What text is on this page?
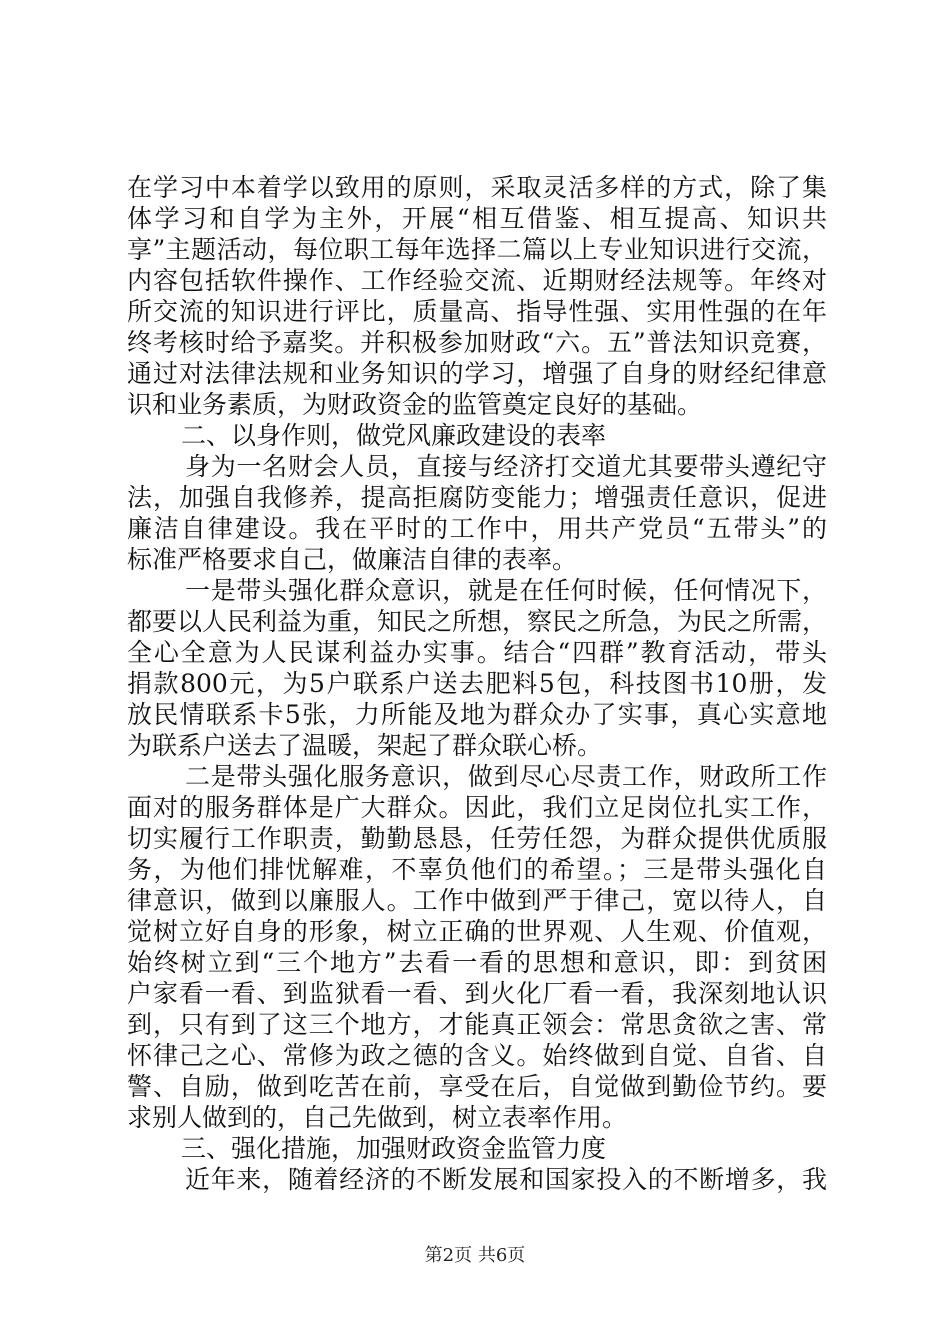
在学习中本着学以致用的原则，采取灵活多样的方式，除了集
体学习和自学为主外，开展“相互借鉴、相互提高、知识共
享”主题活动，每位职工每年选择二篇以上专业知识进行交流，
内容包括软件操作、工作经验交流、近期财经法规等。年终对
所交流的知识进行评比，质量高、指导性强、实用性强的在年
终考核时给予嘉奖。并积极参加财政“六。五”普法知识竞赛，
通过对法律法规和业务知识的学习，增强了自身的财经纪律意
识和业务素质，为财政资金的监管奠定良好的基础。
二、以身作则，做党风廉政建设的表率
身为一名财会人员，直接与经济打交道尤其要带头遵纪守
法，加强自我修养，提高拒腐防变能力；增强责任意识，促进
廉洁自律建设。我在平时的工作中，用共产党员“五带头”的
标准严格要求自己，做廉洁自律的表率。
一是带头强化群众意识，就是在任何时候，任何情况下，
都要以人民利益为重，知民之所想，察民之所急，为民之所需，
全心全意为人民谋利益办实事。结合“四群”教育活动，带头
捐款800元，为5户联系户送去肥料5包，科技图书10册，发
放民情联系卡5张，力所能及地为群众办了实事，真心实意地
为联系户送去了温暖，架起了群众联心桥。
二是带头强化服务意识，做到尽心尽责工作，财政所工作
面对的服务群体是广大群众。因此，我们立足岗位扎实工作，
切实履行工作职责，勤勤恳恳，任劳任怨，为群众提供优质服
务，为他们排忧解难，不辜负他们的希望。；三是带头强化自
律意识，做到以廉服人。工作中做到严于律己，宽以待人，自
觉树立好自身的形象，树立正确的世界观、人生观、价值观，
始终树立到“三个地方”去看一看的思想和意识，即：到贫困
户家看一看、到监狱看一看、到火化厂看一看，我深刻地认识
到，只有到了这三个地方，才能真正领会：常思贪欲之害、常
怀律己之心、常修为政之德的含义。始终做到自觉、自省、自
警、自励，做到吃苦在前，享受在后，自觉做到勤俭节约。要
求别人做到的，自己先做到，树立表率作用。
三、强化措施，加强财政资金监管力度
近年来，随着经济的不断发展和国家投入的不断增多，我
第2页 共6页
